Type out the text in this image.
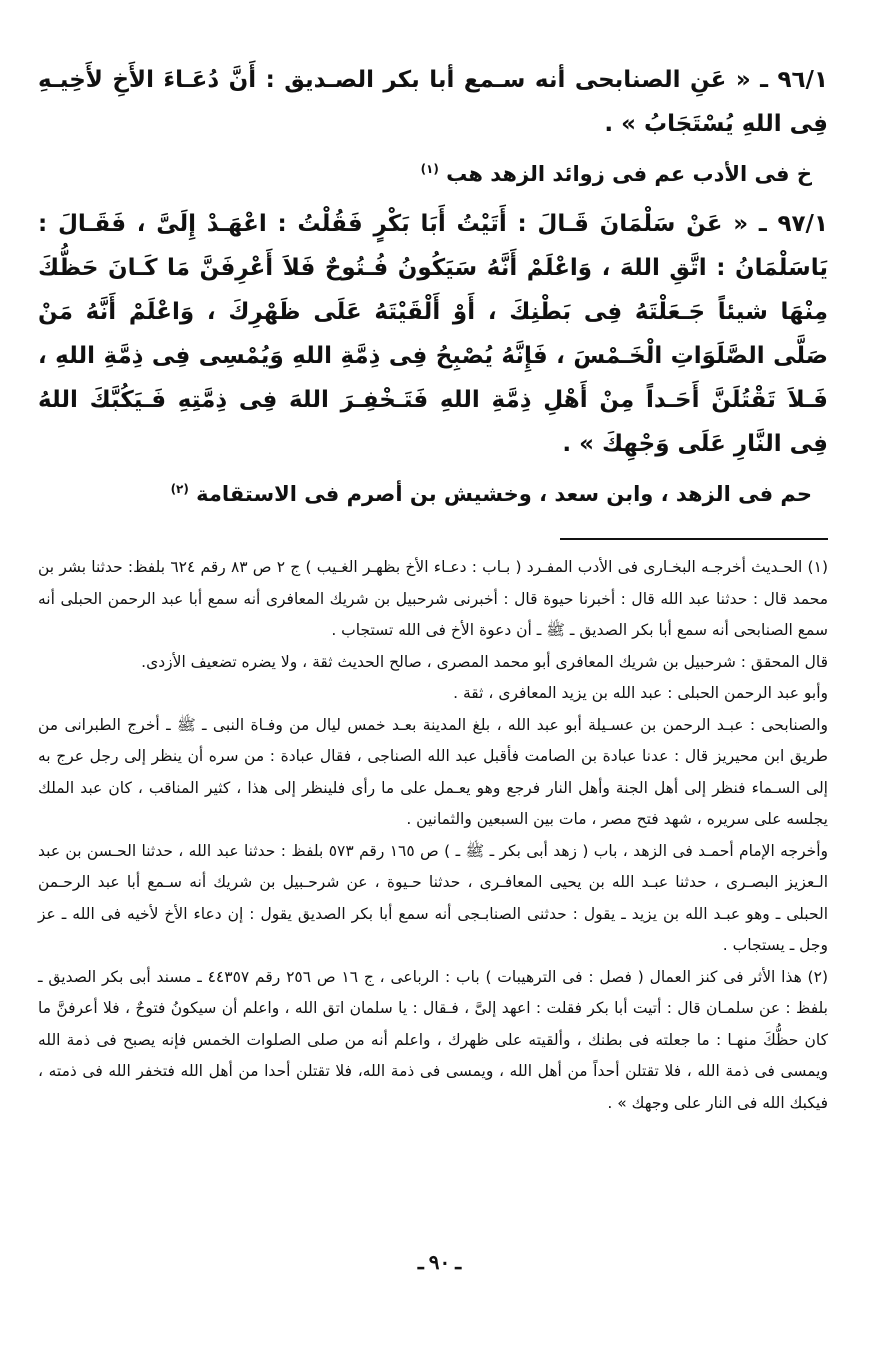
٩٦/١ ـ « عَنِ الصنابحى أنه سـمع أبا بكر الصـديق : أَنَّ دُعَـاءَ الأَخِ لأَخِيـهِ فِى اللهِ يُسْتَجَابُ » .

خ فى الأدب عم فى زوائد الزهد هب $^{(١)}$

٩٧/١ ـ « عَنْ سَلْمَانَ قَـالَ : أَتَيْتُ أَبَا بَكْرٍ فَقُلْتُ : اعْهَـدْ إِلَىَّ ، فَقَـالَ : يَاسَلْمَانُ : اتَّقِ اللهَ ، وَاعْلَمْ أَنَّهُ سَيَكُونُ فُـتُوحٌ فَلاَ أَعْرِفَنَّ مَا كَـانَ حَظُّكَ مِنْهَا شيئاً جَـعَلْتَهُ فِى بَطْنِكَ ، أَوْ أَلْقَيْتَهُ عَلَى ظَهْرِكَ ، وَاعْلَمْ أَنَّهُ مَنْ صَلَّى الصَّلَوَاتِ الْخَـمْسَ ، فَإِنَّهُ يُصْبِحُ فِى ذِمَّةِ اللهِ وَيُمْسِى فِى ذِمَّةِ اللهِ ، فَـلاَ تَقْتُلَنَّ أَحَـداً مِنْ أَهْلِ ذِمَّةِ اللهِ فَتَـخْفِـرَ اللهَ فِى ذِمَّتِهِ فَـيَكُبَّكَ اللهُ فِى النَّارِ عَلَى وَجْهِكَ » .

حم فى الزهد ، وابن سعد ، وخشيش بن أصرم فى الاستقامة $^{(٢)}$

(١) الحـديث أخرجـه البخـارى فى الأدب المفـرد ( بـاب : دعـاء الأخ بظهـر الغـيب ) ج ٢ ص ٨٣ رقم ٦٢٤ بلفظ: حدثنا بشر بن محمد قال : حدثنا عبد الله قال : أخبرنا حيوة قال : أخبرنى شرحبيل بن شريك المعافرى أنه سمع أبا عبد الرحمن الحبلى أنه سمع الصنابحى أنه سمع أبا بكر الصديق ـ ﷺ ـ أن دعوة الأخ فى الله تستجاب .

قال المحقق : شرحبيل بن شريك المعافرى أبو محمد المصرى ، صالح الحديث ثقة ، ولا يضره تضعيف الأزدى.

وأبو عبد الرحمن الحبلى : عبد الله بن يزيد المعافرى ، ثقة .

والصنابحى : عبـد الرحمن بن عسـيلة أبو عبد الله ، بلغ المدينة بعـد خمس ليال من وفـاة النبى ـ ﷺ ـ أخرج الطبرانى من طريق ابن محيريز قال : عدنا عبادة بن الصامت فأقبل عبد الله الصناجى ، فقال عبادة : من سره أن ينظر إلى رجل عرج به إلى السـماء فنظر إلى أهل الجنة وأهل النار فرجع وهو يعـمل على ما رأى فلينظر إلى هذا ، كثير المناقب ، كان عبد الملك يجلسه على سريره ، شهد فتح مصر ، مات بين السبعين والثمانين .

وأخرجه الإمام أحمـد فى الزهد ، باب ( زهد أبى بكر ـ ﷺ ـ ) ص ١٦٥ رقم ٥٧٣ بلفظ : حدثنا عبد الله ، حدثنا الحـسن بن عبد الـعزيز البصـرى ، حدثنا عبـد الله بن يحيى المعافـرى ، حدثنا حـيوة ، عن شرحـبيل بن شريك أنه سـمع أبا عبد الرحـمن الحبلى ـ وهو عبـد الله بن يزيد ـ يقول : حدثنى الصنابـجى أنه سمع أبا بكر الصديق يقول : إن دعاء الأخ لأخيه فى الله ـ عز وجل ـ يستجاب .

(٢) هذا الأثر فى كنز العمال ( فصل : فى الترهيبات ) باب : الرباعى ، ج ١٦ ص ٢٥٦ رقم ٤٤٣٥٧ ـ مسند أبى بكر الصديق ـ بلفظ : عن سلمـان قال : أتيت أبا بكر فقلت : اعهد إلىَّ ، فـقال : يا سلمان اتق الله ، واعلم أن سيكونُ فتوحٌ ، فلا أعرفنَّ ما كان حظُّكَ منهـا : ما جعلته فى بطنك ، وألقيته على ظهرك ، واعلم أنه من صلى الصلوات الخمس فإنه يصبح فى ذمة الله ويمسى فى ذمة الله ، فلا تقتلن أحداً من أهل الله ، ويمسى فى ذمة الله، فلا تقتلن أحدا من أهل الله فتخفر الله فى ذمته ، فيكبك الله فى النار على وجهك » .

ـ ٩٠ ـ
